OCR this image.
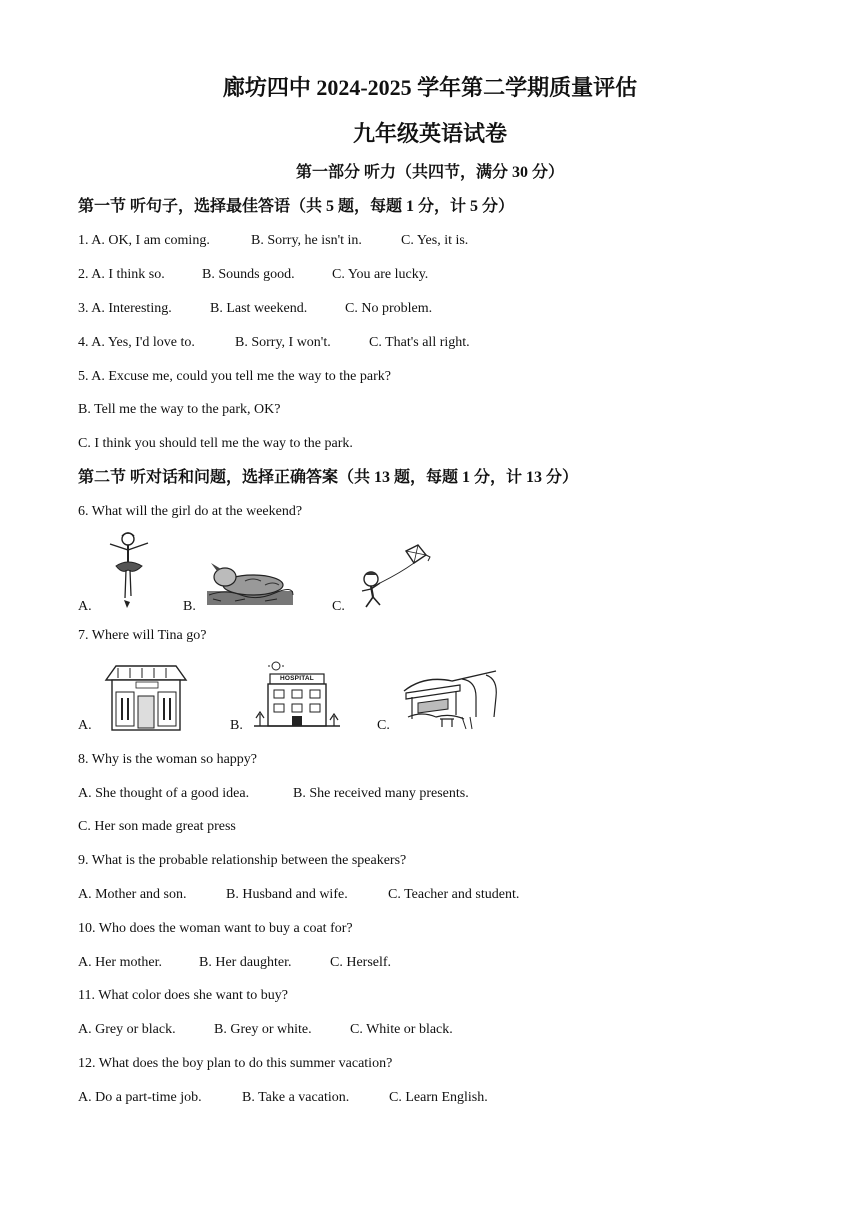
廊坊四中 2024-2025 学年第二学期质量评估
九年级英语试卷
第一部分 听力（共四节，满分 30 分）
第一节 听句子，选择最佳答语（共 5 题，每题 1 分，计 5 分）
1. A. OK, I am coming.	B. Sorry, he isn't in.	C. Yes, it is.
2. A. I think so.	B. Sounds good.	C. You are lucky.
3. A. Interesting.	B. Last weekend.	C. No problem.
4. A. Yes, I'd love to.	B. Sorry, I won't.	C. That's all right.
5. A. Excuse me, could you tell me the way to the park?
B. Tell me the way to the park, OK?
C. I think you should tell me the way to the park.
第二节 听对话和问题，选择正确答案（共 13 题，每题 1 分，计 13 分）
6. What will the girl do at the weekend?
A.	B.	C.
7. Where will Tina go?
A.	B.
HOSPITAL
C.
8. Why is the woman so happy?
A. She thought of a good idea.	B. She received many presents.
C. Her son made great press
9. What is the probable relationship between the speakers?
A. Mother and son.	B. Husband and wife.	C. Teacher and student.
10. Who does the woman want to buy a coat for?
A. Her mother.	B. Her daughter.	C. Herself.
11. What color does she want to buy?
A. Grey or black.	B. Grey or white.	C. White or black.
12. What does the boy plan to do this summer vacation?
A. Do a part-time job.	B. Take a vacation.	C. Learn English.
